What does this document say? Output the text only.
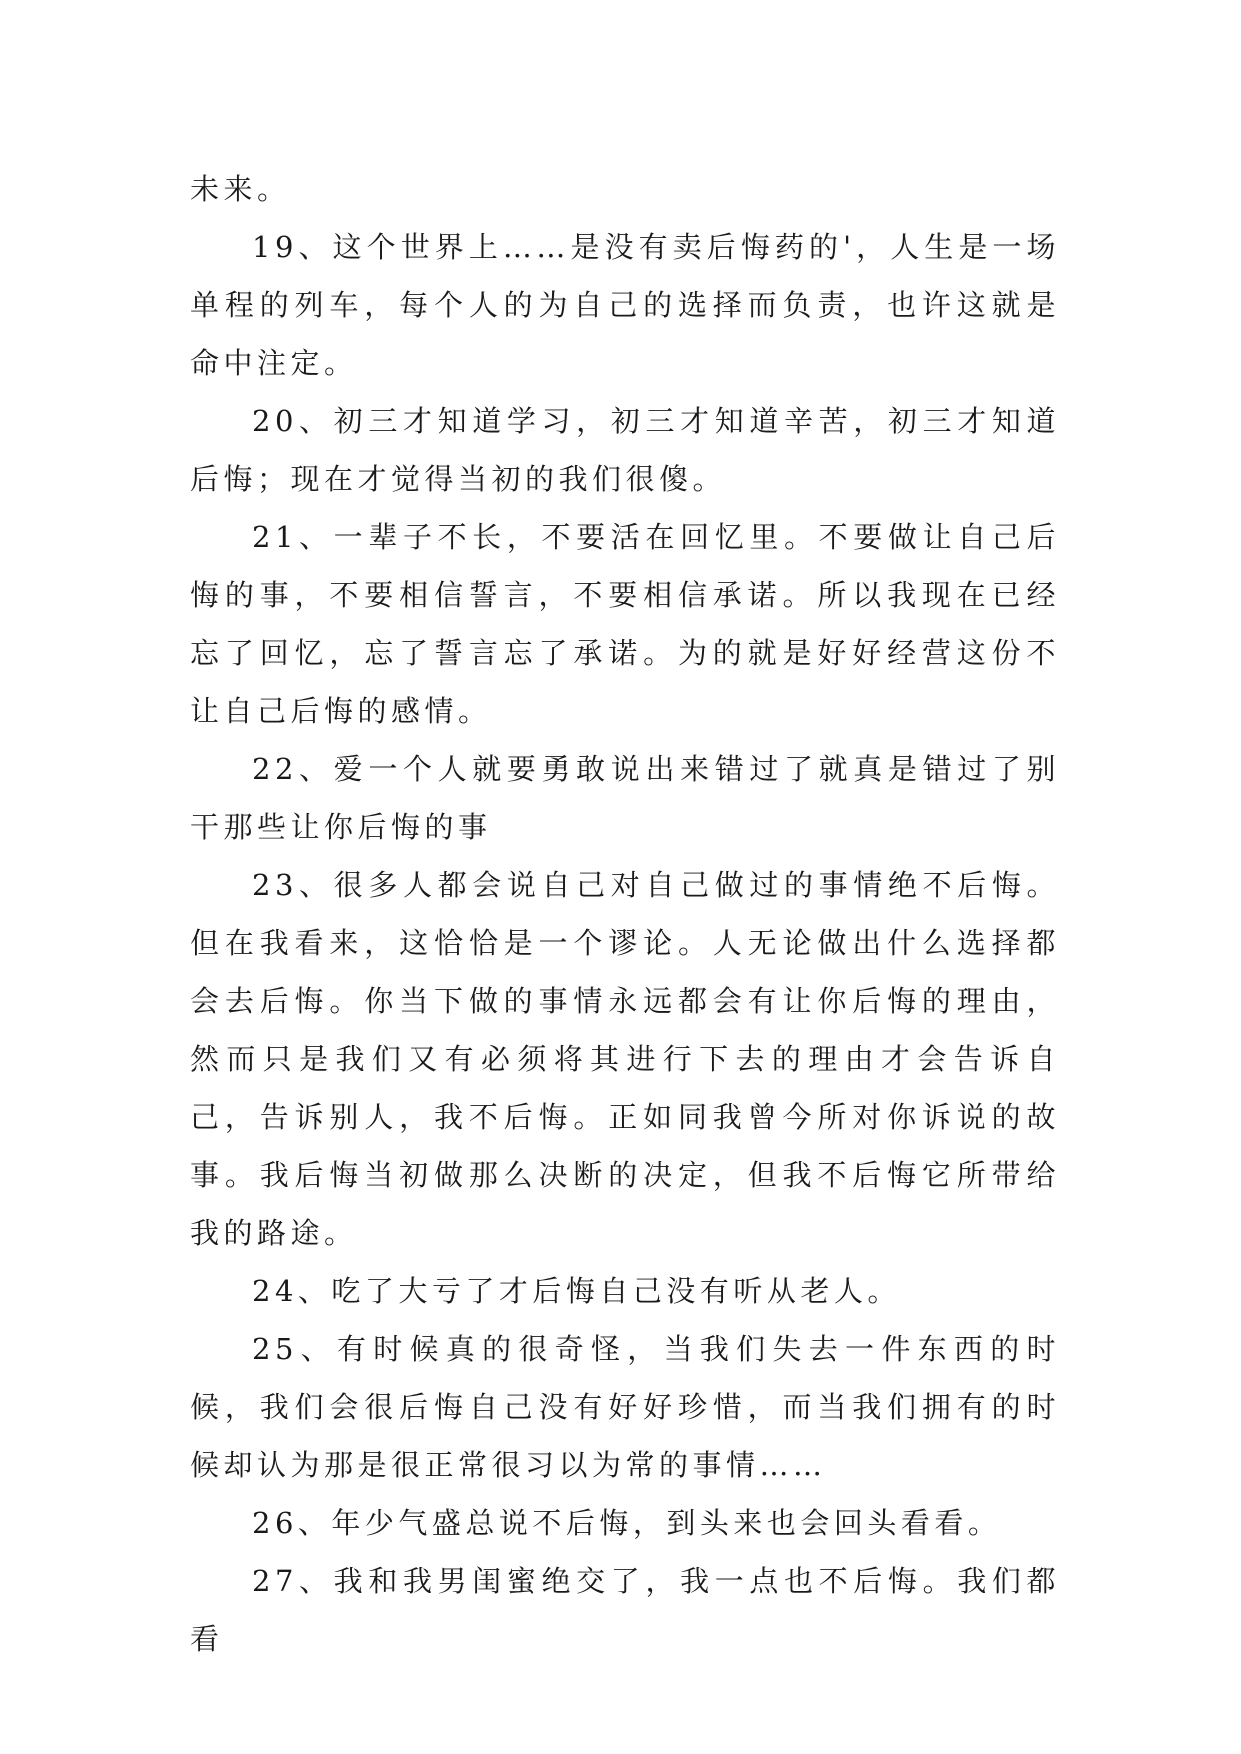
未来。

19、这个世界上……是没有卖后悔药的'，人生是一场单程的列车，每个人的为自己的选择而负责，也许这就是命中注定。

20、初三才知道学习，初三才知道辛苦，初三才知道后悔；现在才觉得当初的我们很傻。

21、一辈子不长，不要活在回忆里。不要做让自己后悔的事，不要相信誓言，不要相信承诺。所以我现在已经忘了回忆，忘了誓言忘了承诺。为的就是好好经营这份不让自己后悔的感情。

22、爱一个人就要勇敢说出来错过了就真是错过了别干那些让你后悔的事

23、很多人都会说自己对自己做过的事情绝不后悔。但在我看来，这恰恰是一个谬论。人无论做出什么选择都会去后悔。你当下做的事情永远都会有让你后悔的理由，然而只是我们又有必须将其进行下去的理由才会告诉自己，告诉别人，我不后悔。正如同我曾今所对你诉说的故事。我后悔当初做那么决断的决定，但我不后悔它所带给我的路途。

24、吃了大亏了才后悔自己没有听从老人。

25、有时候真的很奇怪，当我们失去一件东西的时候，我们会很后悔自己没有好好珍惜，而当我们拥有的时候却认为那是很正常很习以为常的事情……

26、年少气盛总说不后悔，到头来也会回头看看。

27、我和我男闺蜜绝交了，我一点也不后悔。我们都看
